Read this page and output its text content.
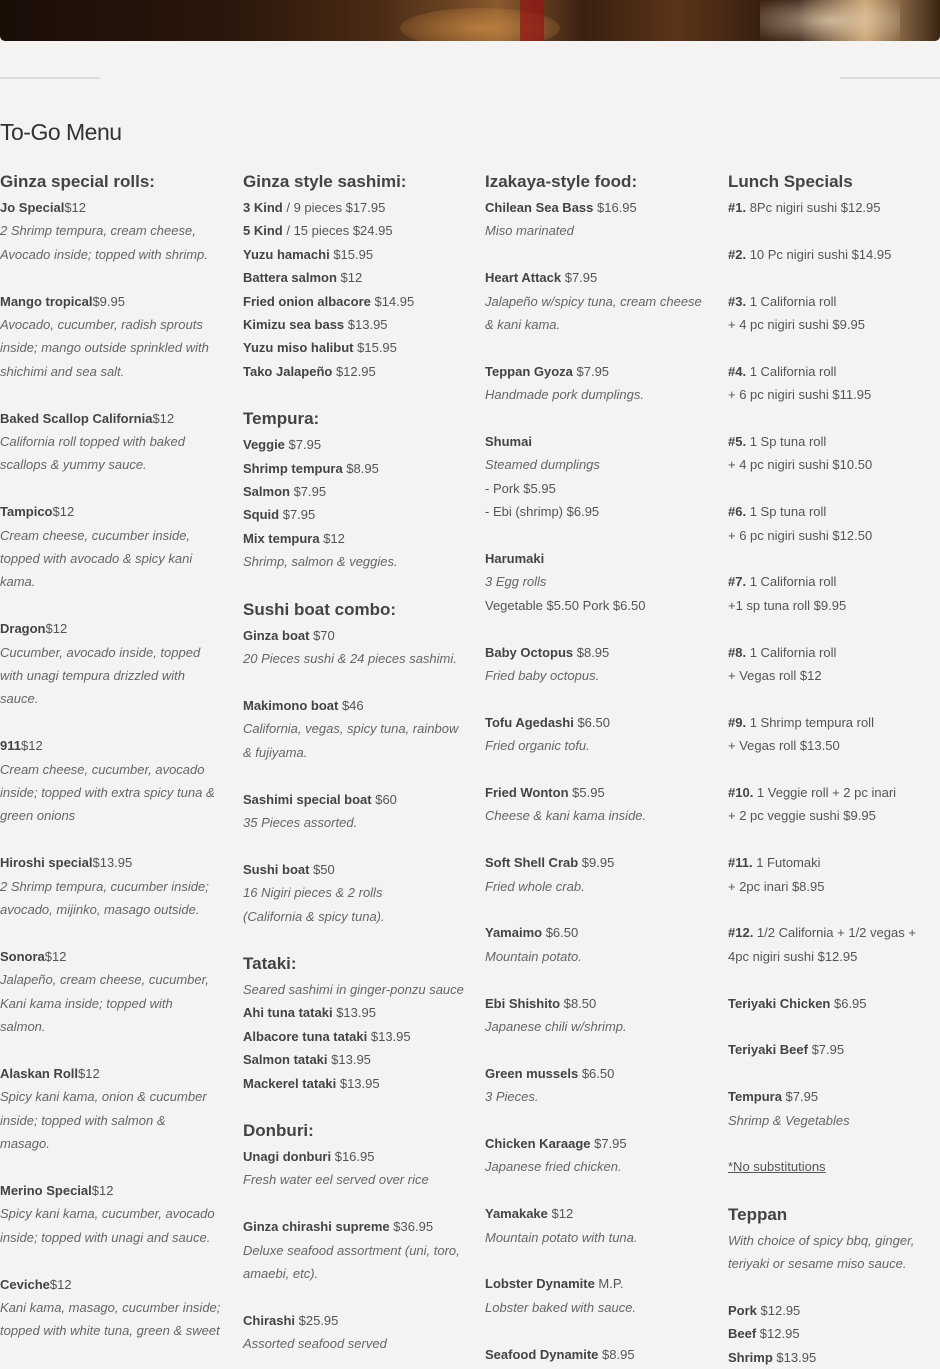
To-Go Menu
Ginza special rolls:
Jo Special$12
2 Shrimp tempura, cream cheese,
Avocado inside; topped with shrimp.
Mango tropical$9.95
Avocado, cucumber, radish sprouts
inside; mango outside sprinkled with
shichimi and sea salt.
Baked Scallop California$12
California roll topped with baked
scallops & yummy sauce.
Tampico$12
Cream cheese, cucumber inside,
topped with avocado & spicy kani
kama.
Dragon$12
Cucumber, avocado inside, topped
with unagi tempura drizzled with
sauce.
911$12
Cream cheese, cucumber, avocado
inside; topped with extra spicy tuna &
green onions
Hiroshi special$13.95
2 Shrimp tempura, cucumber inside;
avocado, mijinko, masago outside.
Sonora$12
Jalapeño, cream cheese, cucumber,
Kani kama inside; topped with
salmon.
Alaskan Roll$12
Spicy kani kama, onion & cucumber
inside; topped with salmon &
masago.
Merino Special$12
Spicy kani kama, cucumber, avocado
inside; topped with unagi and sauce.
Ceviche$12
Kani kama, masago, cucumber inside;
topped with white tuna, green & sweet
Ginza style sashimi:
3 Kind / 9 pieces $17.95
5 Kind / 15 pieces $24.95
Yuzu hamachi $15.95
Battera salmon $12
Fried onion albacore $14.95
Kimizu sea bass $13.95
Yuzu miso halibut $15.95
Tako Jalapeño $12.95
Tempura:
Veggie $7.95
Shrimp tempura $8.95
Salmon $7.95
Squid $7.95
Mix tempura $12
Shrimp, salmon & veggies.
Sushi boat combo:
Ginza boat $70
20 Pieces sushi & 24 pieces sashimi.
Makimono boat $46
California, vegas, spicy tuna, rainbow
& fujiyama.
Sashimi special boat $60
35 Pieces assorted.
Sushi boat $50
16 Nigiri pieces & 2 rolls
(California & spicy tuna).
Tataki:
Seared sashimi in ginger-ponzu sauce
Ahi tuna tataki $13.95
Albacore tuna tataki $13.95
Salmon tataki $13.95
Mackerel tataki $13.95
Donburi:
Unagi donburi $16.95
Fresh water eel served over rice
Ginza chirashi supreme $36.95
Deluxe seafood assortment (uni, toro,
amaebi, etc).
Chirashi $25.95
Assorted seafood served
Izakaya-style food:
Chilean Sea Bass $16.95
Miso marinated
Heart Attack $7.95
Jalapeño w/spicy tuna, cream cheese
& kani kama.
Teppan Gyoza $7.95
Handmade pork dumplings.
Shumai
Steamed dumplings
- Pork $5.95
- Ebi (shrimp) $6.95
Harumaki
3 Egg rolls
Vegetable $5.50 Pork $6.50
Baby Octopus $8.95
Fried baby octopus.
Tofu Agedashi $6.50
Fried organic tofu.
Fried Wonton $5.95
Cheese & kani kama inside.
Soft Shell Crab $9.95
Fried whole crab.
Yamaimo $6.50
Mountain potato.
Ebi Shishito $8.50
Japanese chili w/shrimp.
Green mussels $6.50
3 Pieces.
Chicken Karaage $7.95
Japanese fried chicken.
Yamakake $12
Mountain potato with tuna.
Lobster Dynamite M.P.
Lobster baked with sauce.
Seafood Dynamite $8.95
Lunch Specials
#1. 8Pc nigiri sushi $12.95
#2. 10 Pc nigiri sushi $14.95
#3. 1 California roll
+ 4 pc nigiri sushi $9.95
#4. 1 California roll
+ 6 pc nigiri sushi $11.95
#5. 1 Sp tuna roll
+ 4 pc nigiri sushi $10.50
#6. 1 Sp tuna roll
+ 6 pc nigiri sushi $12.50
#7. 1 California roll
+1 sp tuna roll $9.95
#8. 1 California roll
+ Vegas roll $12
#9. 1 Shrimp tempura roll
+ Vegas roll $13.50
#10. 1 Veggie roll + 2 pc inari
+ 2 pc veggie sushi $9.95
#11. 1 Futomaki
+ 2pc inari $8.95
#12. 1/2 California + 1/2 vegas +
4pc nigiri sushi $12.95
Teriyaki Chicken $6.95
Teriyaki Beef $7.95
Tempura $7.95
Shrimp & Vegetables
*No substitutions
Teppan
With choice of spicy bbq, ginger,
teriyaki or sesame miso sauce.
Pork $12.95
Beef $12.95
Shrimp $13.95
